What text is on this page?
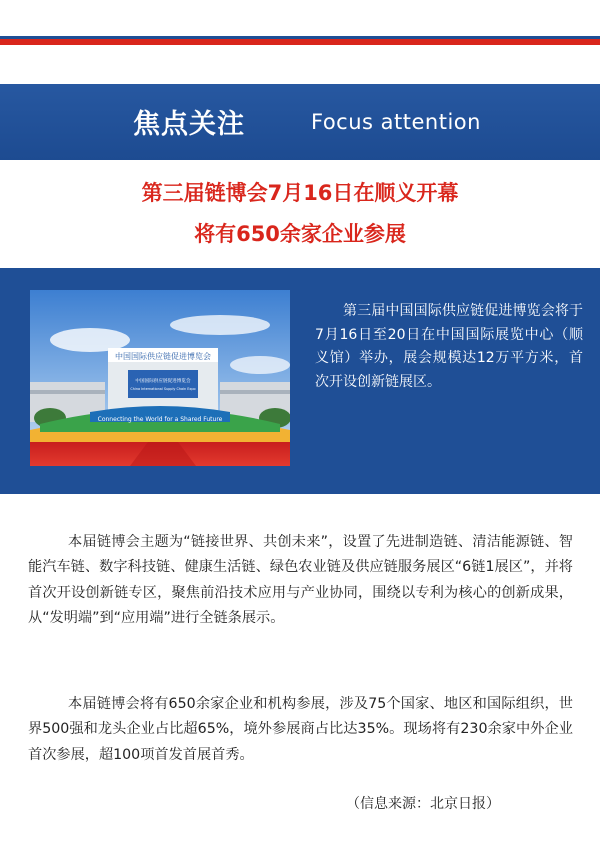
焦点关注	Focus attention
第三届链博会7月16日在顺义开幕
将有650余家企业参展
中国国际供应链促进博览会
中国国际供应链促进博览会
China International Supply Chain Expo
Connecting the World for a Shared Future
第三届中国国际供应链促进博览会将于7月16日至20日在中国国际展览中心（顺义馆）举办，展会规模达12万平方米，首次开设创新链展区。

本届链博会主题为“链接世界、共创未来”，设置了先进制造链、清洁能源链、智能汽车链、数字科技链、健康生活链、绿色农业链及供应链服务展区“6链1展区”，并将首次开设创新链专区，聚焦前沿技术应用与产业协同，围绕以专利为核心的创新成果，从“发明端”到“应用端”进行全链条展示。

本届链博会将有650余家企业和机构参展，涉及75个国家、地区和国际组织，世界500强和龙头企业占比超65%，境外参展商占比达35%。现场将有230余家中外企业首次参展，超100项首发首展首秀。

（信息来源：北京日报）
